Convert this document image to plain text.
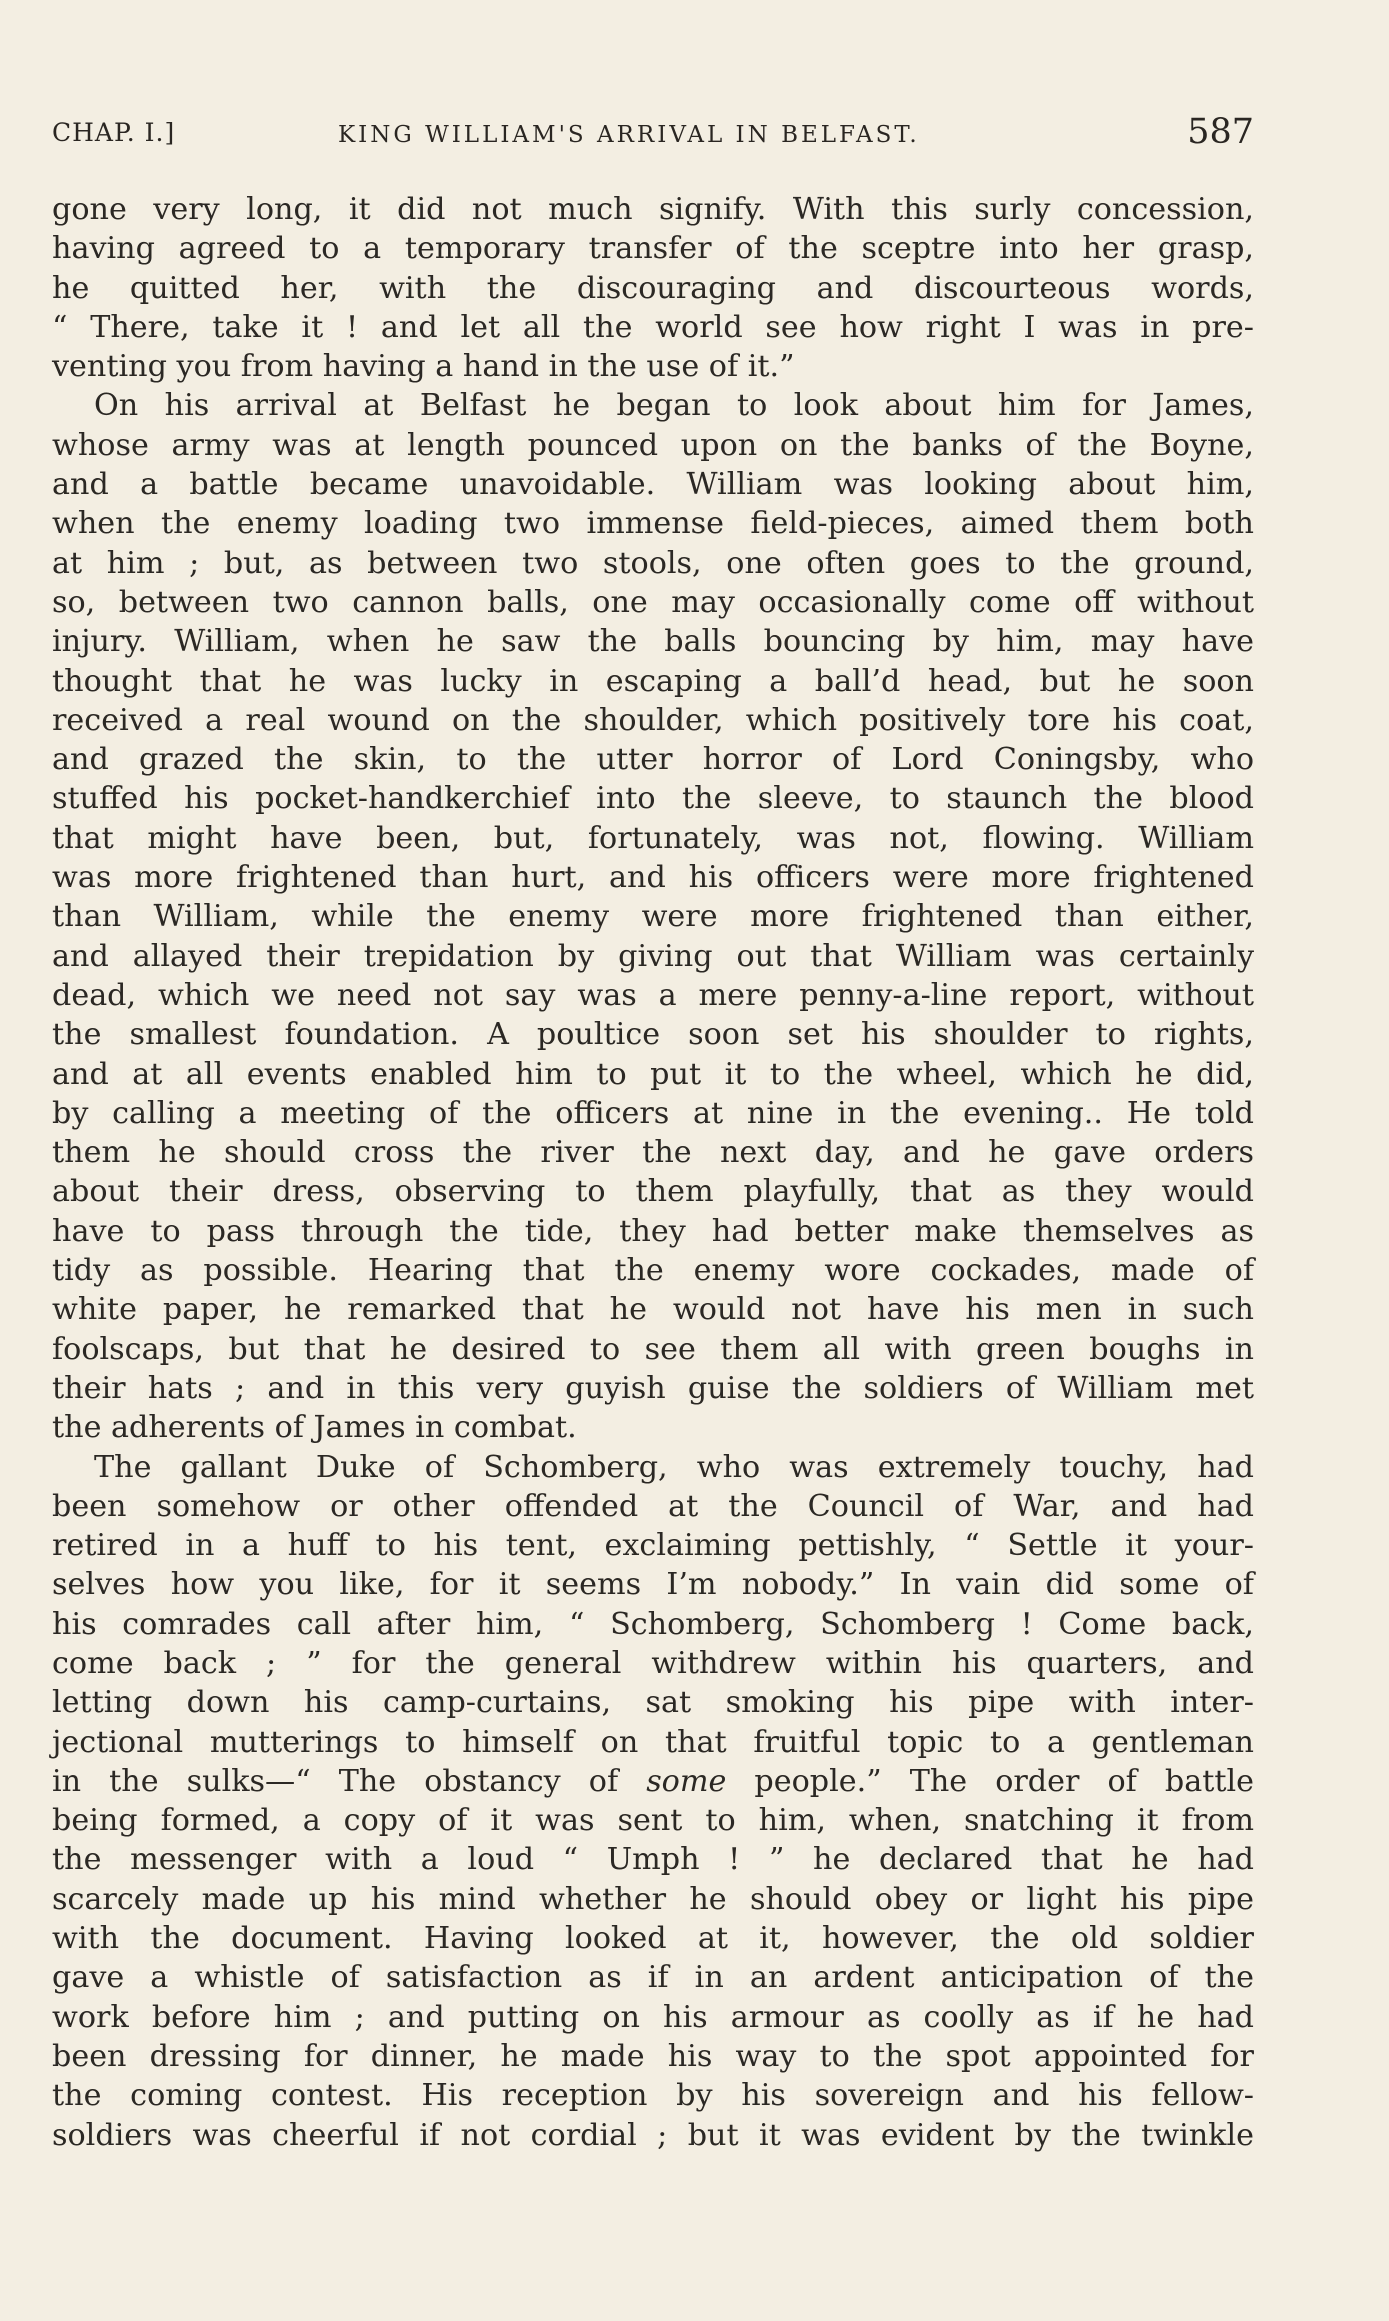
CHAP. I.]	KING WILLIAM'S ARRIVAL IN BELFAST.	587
gone very long, it did not much signify. With this surly concession,
having agreed to a temporary transfer of the sceptre into her grasp,
he quitted her, with the discouraging and discourteous words,
“ There, take it ! and let all the world see how right I was in pre-
venting you from having a hand in the use of it.”
On his arrival at Belfast he began to look about him for James,
whose army was at length pounced upon on the banks of the Boyne,
and a battle became unavoidable. William was looking about him,
when the enemy loading two immense field-pieces, aimed them both
at him ; but, as between two stools, one often goes to the ground,
so, between two cannon balls, one may occasionally come off without
injury. William, when he saw the balls bouncing by him, may have
thought that he was lucky in escaping a ball’d head, but he soon
received a real wound on the shoulder, which positively tore his coat,
and grazed the skin, to the utter horror of Lord Coningsby, who
stuffed his pocket-handkerchief into the sleeve, to staunch the blood
that might have been, but, fortunately, was not, flowing. William
was more frightened than hurt, and his officers were more frightened
than William, while the enemy were more frightened than either,
and allayed their trepidation by giving out that William was certainly
dead, which we need not say was a mere penny-a-line report, without
the smallest foundation. A poultice soon set his shoulder to rights,
and at all events enabled him to put it to the wheel, which he did,
by calling a meeting of the officers at nine in the evening.. He told
them he should cross the river the next day, and he gave orders
about their dress, observing to them playfully, that as they would
have to pass through the tide, they had better make themselves as
tidy as possible. Hearing that the enemy wore cockades, made of
white paper, he remarked that he would not have his men in such
foolscaps, but that he desired to see them all with green boughs in
their hats ; and in this very guyish guise the soldiers of William met
the adherents of James in combat.
The gallant Duke of Schomberg, who was extremely touchy, had
been somehow or other offended at the Council of War, and had
retired in a huff to his tent, exclaiming pettishly, “ Settle it your-
selves how you like, for it seems I’m nobody.” In vain did some of
his comrades call after him, “ Schomberg, Schomberg ! Come back,
come back ; ” for the general withdrew within his quarters, and
letting down his camp-curtains, sat smoking his pipe with inter-
jectional mutterings to himself on that fruitful topic to a gentleman
in the sulks—“ The obstancy of some people.” The order of battle
being formed, a copy of it was sent to him, when, snatching it from
the messenger with a loud “ Umph ! ” he declared that he had
scarcely made up his mind whether he should obey or light his pipe
with the document. Having looked at it, however, the old soldier
gave a whistle of satisfaction as if in an ardent anticipation of the
work before him ; and putting on his armour as coolly as if he had
been dressing for dinner, he made his way to the spot appointed for
the coming contest. His reception by his sovereign and his fellow-
soldiers was cheerful if not cordial ; but it was evident by the twinkle
